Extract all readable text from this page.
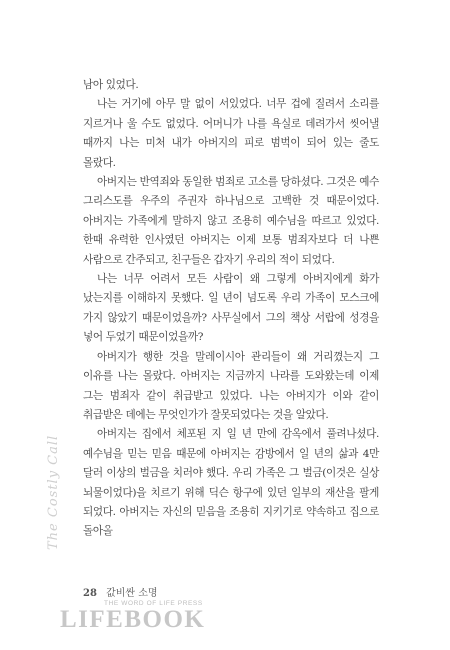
남아 있었다.

나는 거기에 아무 말 없이 서있었다. 너무 겁에 질려서 소리를 지르거나 울 수도 없었다. 어머니가 나를 욕실로 데려가서 씻어낼 때까지 나는 미처 내가 아버지의 피로 범벅이 되어 있는 줄도 몰랐다.

아버지는 반역죄와 동일한 범죄로 고소를 당하셨다. 그것은 예수 그리스도를 우주의 주권자 하나님으로 고백한 것 때문이었다. 아버지는 가족에게 말하지 않고 조용히 예수님을 따르고 있었다. 한때 유력한 인사였던 아버지는 이제 보통 범죄자보다 더 나쁜 사람으로 간주되고, 친구들은 갑자기 우리의 적이 되었다.

나는 너무 어려서 모든 사람이 왜 그렇게 아버지에게 화가 났는지를 이해하지 못했다. 일 년이 넘도록 우리 가족이 모스크에 가지 않았기 때문이었을까? 사무실에서 그의 책상 서랍에 성경을 넣어 두었기 때문이었을까?

아버지가 행한 것을 말레이시아 관리들이 왜 거리꼈는지 그 이유를 나는 몰랐다. 아버지는 지금까지 나라를 도와왔는데 이제 그는 범죄자 같이 취급받고 있었다. 나는 아버지가 이와 같이 취급받은 데에는 무엇인가가 잘못되었다는 것을 알았다.

아버지는 집에서 체포된 지 일 년 만에 감옥에서 풀려나셨다. 예수님을 믿는 믿음 때문에 아버지는 감방에서 일 년의 삶과 4만 달러 이상의 벌금을 치러야 했다. 우리 가족은 그 벌금(이것은 실상 뇌물이었다)을 치르기 위해 딕슨 항구에 있던 일부의 재산을 팔게 되었다. 아버지는 자신의 믿음을 조용히 지키기로 약속하고 집으로 돌아올

28 값비싼 소명
The Costly Call
THE WORD OF LIFE PRESS
LIFEBOOK
